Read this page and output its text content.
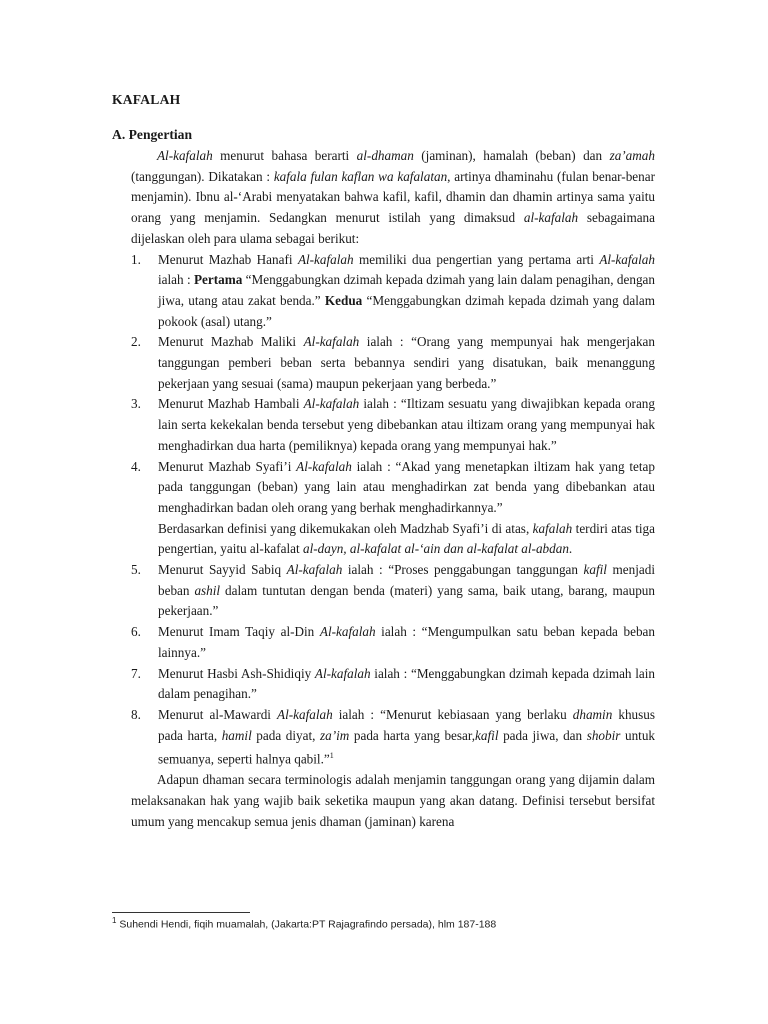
KAFALAH
A. Pengertian

Al-kafalah menurut bahasa berarti al-dhaman (jaminan), hamalah (beban) dan za’amah (tanggungan). Dikatakan : kafala fulan kaflan wa kafalatan, artinya dhaminahu (fulan benar-benar menjamin). Ibnu al-‘Arabi menyatakan bahwa kafil, kafil, dhamin dan dhamin artinya sama yaitu orang yang menjamin. Sedangkan menurut istilah yang dimaksud al-kafalah sebagaimana dijelaskan oleh para ulama sebagai berikut:

1.	Menurut Mazhab Hanafi Al-kafalah memiliki dua pengertian yang pertama arti Al-kafalah ialah : Pertama “Menggabungkan dzimah kepada dzimah yang lain dalam penagihan, dengan jiwa, utang atau zakat benda.” Kedua “Menggabungkan dzimah kepada dzimah yang dalam pokook (asal) utang.”
2.	Menurut Mazhab Maliki Al-kafalah ialah : “Orang yang mempunyai hak mengerjakan tanggungan pemberi beban serta bebannya sendiri yang disatukan, baik menanggung pekerjaan yang sesuai (sama) maupun pekerjaan yang berbeda.”
3.	Menurut Mazhab Hambali Al-kafalah ialah : “Iltizam sesuatu yang diwajibkan kepada orang lain serta kekekalan benda tersebut yeng dibebankan atau iltizam orang yang mempunyai hak menghadirkan dua harta (pemiliknya) kepada orang yang mempunyai hak.”
4.	Menurut Mazhab Syafi’i Al-kafalah ialah : “Akad yang menetapkan iltizam hak yang tetap pada tanggungan (beban) yang lain atau menghadirkan zat benda yang dibebankan atau menghadirkan badan oleh orang yang berhak menghadirkannya.”

Berdasarkan definisi yang dikemukakan oleh Madzhab Syafi’i di atas, kafalah terdiri atas tiga pengertian, yaitu al-kafalat al-dayn, al-kafalat al-‘ain dan al-kafalat al-abdan.

5.	Menurut Sayyid Sabiq Al-kafalah ialah : “Proses penggabungan tanggungan kafil menjadi beban ashil dalam tuntutan dengan benda (materi) yang sama, baik utang, barang, maupun pekerjaan.”
6.	Menurut Imam Taqiy al-Din Al-kafalah ialah : “Mengumpulkan satu beban kepada beban lainnya.”
7.	Menurut Hasbi Ash-Shidiqiy Al-kafalah ialah : “Menggabungkan dzimah kepada dzimah lain dalam penagihan.”
8.	Menurut al-Mawardi Al-kafalah ialah : “Menurut kebiasaan yang berlaku dhamin khusus pada harta, hamil pada diyat, za’im pada harta yang besar,kafil pada jiwa, dan shobir untuk semuanya, seperti halnya qabil.”$^1$

Adapun dhaman secara terminologis adalah menjamin tanggungan orang yang dijamin dalam melaksanakan hak yang wajib baik seketika maupun yang akan datang. Definisi tersebut bersifat umum yang mencakup semua jenis dhaman (jaminan) karena

$^1$ Suhendi Hendi, fiqih muamalah, (Jakarta:PT Rajagrafindo persada), hlm 187-188
